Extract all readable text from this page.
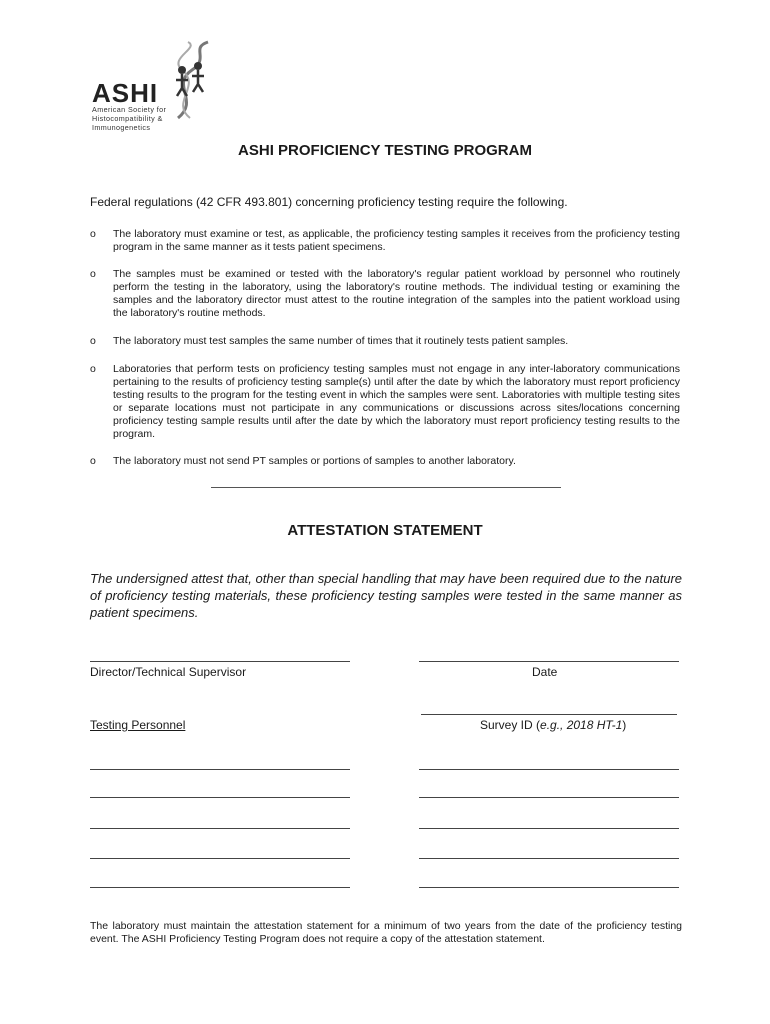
ASHI
American Society for
Histocompatibility &
Immunogenetics
ASHI PROFICIENCY TESTING PROGRAM
Federal regulations (42 CFR 493.801) concerning proficiency testing require the following.
o The laboratory must examine or test, as applicable, the proficiency testing samples it receives from the proficiency testing program in the same manner as it tests patient specimens.
o The samples must be examined or tested with the laboratory's regular patient workload by personnel who routinely perform the testing in the laboratory, using the laboratory's routine methods. The individual testing or examining the samples and the laboratory director must attest to the routine integration of the samples into the patient workload using the laboratory's routine methods.
o The laboratory must test samples the same number of times that it routinely tests patient samples.
o Laboratories that perform tests on proficiency testing samples must not engage in any inter-laboratory communications pertaining to the results of proficiency testing sample(s) until after the date by which the laboratory must report proficiency testing results to the program for the testing event in which the samples were sent. Laboratories with multiple testing sites or separate locations must not participate in any communications or discussions across sites/locations concerning proficiency testing sample results until after the date by which the laboratory must report proficiency testing results to the program.
o The laboratory must not send PT samples or portions of samples to another laboratory.
ATTESTATION STATEMENT
The undersigned attest that, other than special handling that may have been required due to the nature of proficiency testing materials, these proficiency testing samples were tested in the same manner as patient specimens.
Director/Technical Supervisor	Date
Testing Personnel	Survey ID (e.g., 2018 HT-1)
The laboratory must maintain the attestation statement for a minimum of two years from the date of the proficiency testing event. The ASHI Proficiency Testing Program does not require a copy of the attestation statement.
